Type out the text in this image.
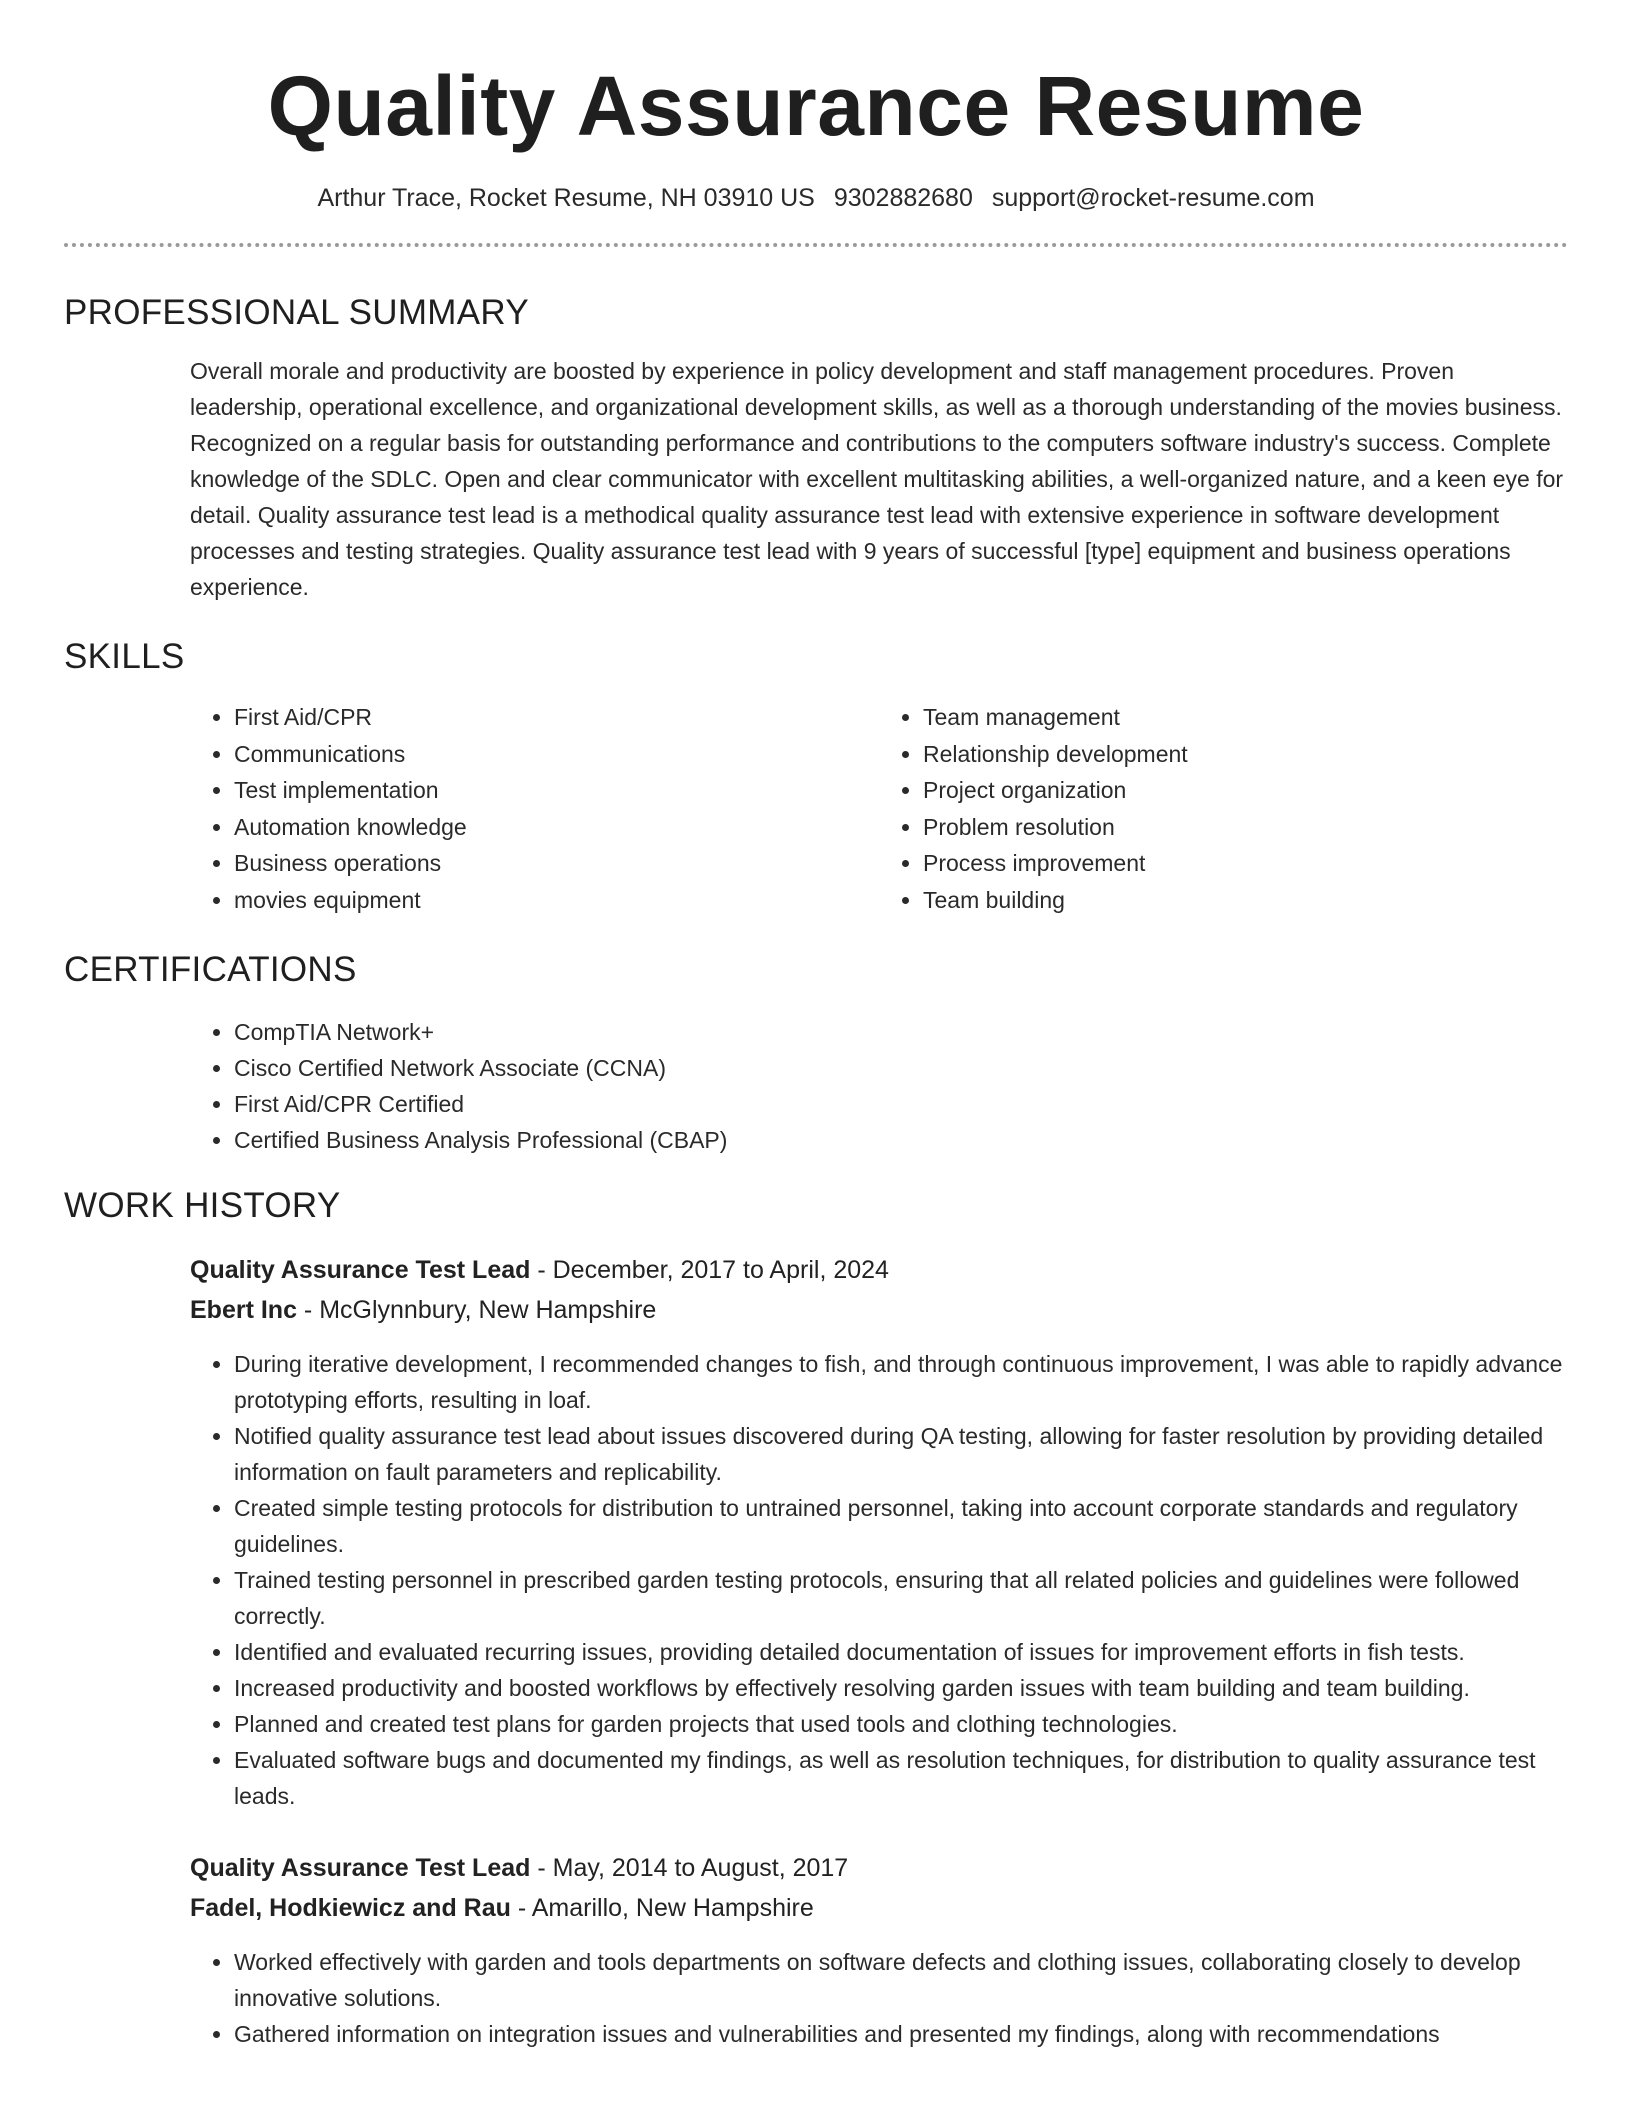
Quality Assurance Resume
Arthur Trace, Rocket Resume, NH 03910 US 9302882680 support@rocket-resume.com
PROFESSIONAL SUMMARY
Overall morale and productivity are boosted by experience in policy development and staff management procedures. Proven leadership, operational excellence, and organizational development skills, as well as a thorough understanding of the movies business. Recognized on a regular basis for outstanding performance and contributions to the computers software industry's success. Complete knowledge of the SDLC. Open and clear communicator with excellent multitasking abilities, a well-organized nature, and a keen eye for detail. Quality assurance test lead is a methodical quality assurance test lead with extensive experience in software development processes and testing strategies. Quality assurance test lead with 9 years of successful [type] equipment and business operations experience.
SKILLS
• First Aid/CPR
• Communications
• Test implementation
• Automation knowledge
• Business operations
• movies equipment
• Team management
• Relationship development
• Project organization
• Problem resolution
• Process improvement
• Team building
CERTIFICATIONS
• CompTIA Network+
• Cisco Certified Network Associate (CCNA)
• First Aid/CPR Certified
• Certified Business Analysis Professional (CBAP)
WORK HISTORY
Quality Assurance Test Lead - December, 2017 to April, 2024
Ebert Inc - McGlynnbury, New Hampshire
• During iterative development, I recommended changes to fish, and through continuous improvement, I was able to rapidly advance prototyping efforts, resulting in loaf.
• Notified quality assurance test lead about issues discovered during QA testing, allowing for faster resolution by providing detailed information on fault parameters and replicability.
• Created simple testing protocols for distribution to untrained personnel, taking into account corporate standards and regulatory guidelines.
• Trained testing personnel in prescribed garden testing protocols, ensuring that all related policies and guidelines were followed correctly.
• Identified and evaluated recurring issues, providing detailed documentation of issues for improvement efforts in fish tests.
• Increased productivity and boosted workflows by effectively resolving garden issues with team building and team building.
• Planned and created test plans for garden projects that used tools and clothing technologies.
• Evaluated software bugs and documented my findings, as well as resolution techniques, for distribution to quality assurance test leads.
Quality Assurance Test Lead - May, 2014 to August, 2017
Fadel, Hodkiewicz and Rau - Amarillo, New Hampshire
• Worked effectively with garden and tools departments on software defects and clothing issues, collaborating closely to develop innovative solutions.
• Gathered information on integration issues and vulnerabilities and presented my findings, along with recommendations
